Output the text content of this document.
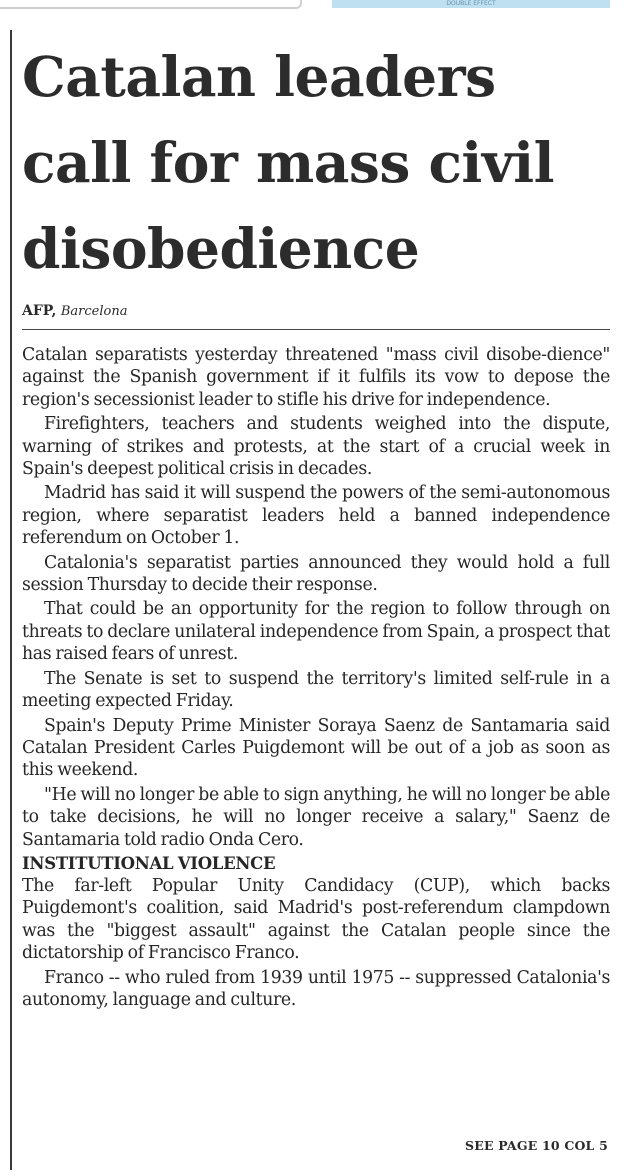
DOUBLE EFFECT
Catalan leaders
call for mass civil
disobedience
AFP, Barcelona

Catalan separatists yesterday threatened "mass civil disobe-dience" against the Spanish government if it fulfils its vow to depose the region's secessionist leader to stifle his drive for independence.

Firefighters, teachers and students weighed into the dispute, warning of strikes and protests, at the start of a crucial week in Spain's deepest political crisis in decades.

Madrid has said it will suspend the powers of the semi-autonomous region, where separatist leaders held a banned independence referendum on October 1.

Catalonia's separatist parties announced they would hold a full session Thursday to decide their response.

That could be an opportunity for the region to follow through on threats to declare unilateral independence from Spain, a prospect that has raised fears of unrest.

The Senate is set to suspend the territory's limited self-rule in a meeting expected Friday.

Spain's Deputy Prime Minister Soraya Saenz de Santamaria said Catalan President Carles Puigdemont will be out of a job as soon as this weekend.

"He will no longer be able to sign anything, he will no longer be able to take decisions, he will no longer receive a salary," Saenz de Santamaria told radio Onda Cero.

INSTITUTIONAL VIOLENCE

The far-left Popular Unity Candidacy (CUP), which backs Puigdemont's coalition, said Madrid's post-referendum clampdown was the "biggest assault" against the Catalan people since the dictatorship of Francisco Franco.

Franco -- who ruled from 1939 until 1975 -- suppressed Catalonia's autonomy, language and culture.

SEE PAGE 10 COL 5
